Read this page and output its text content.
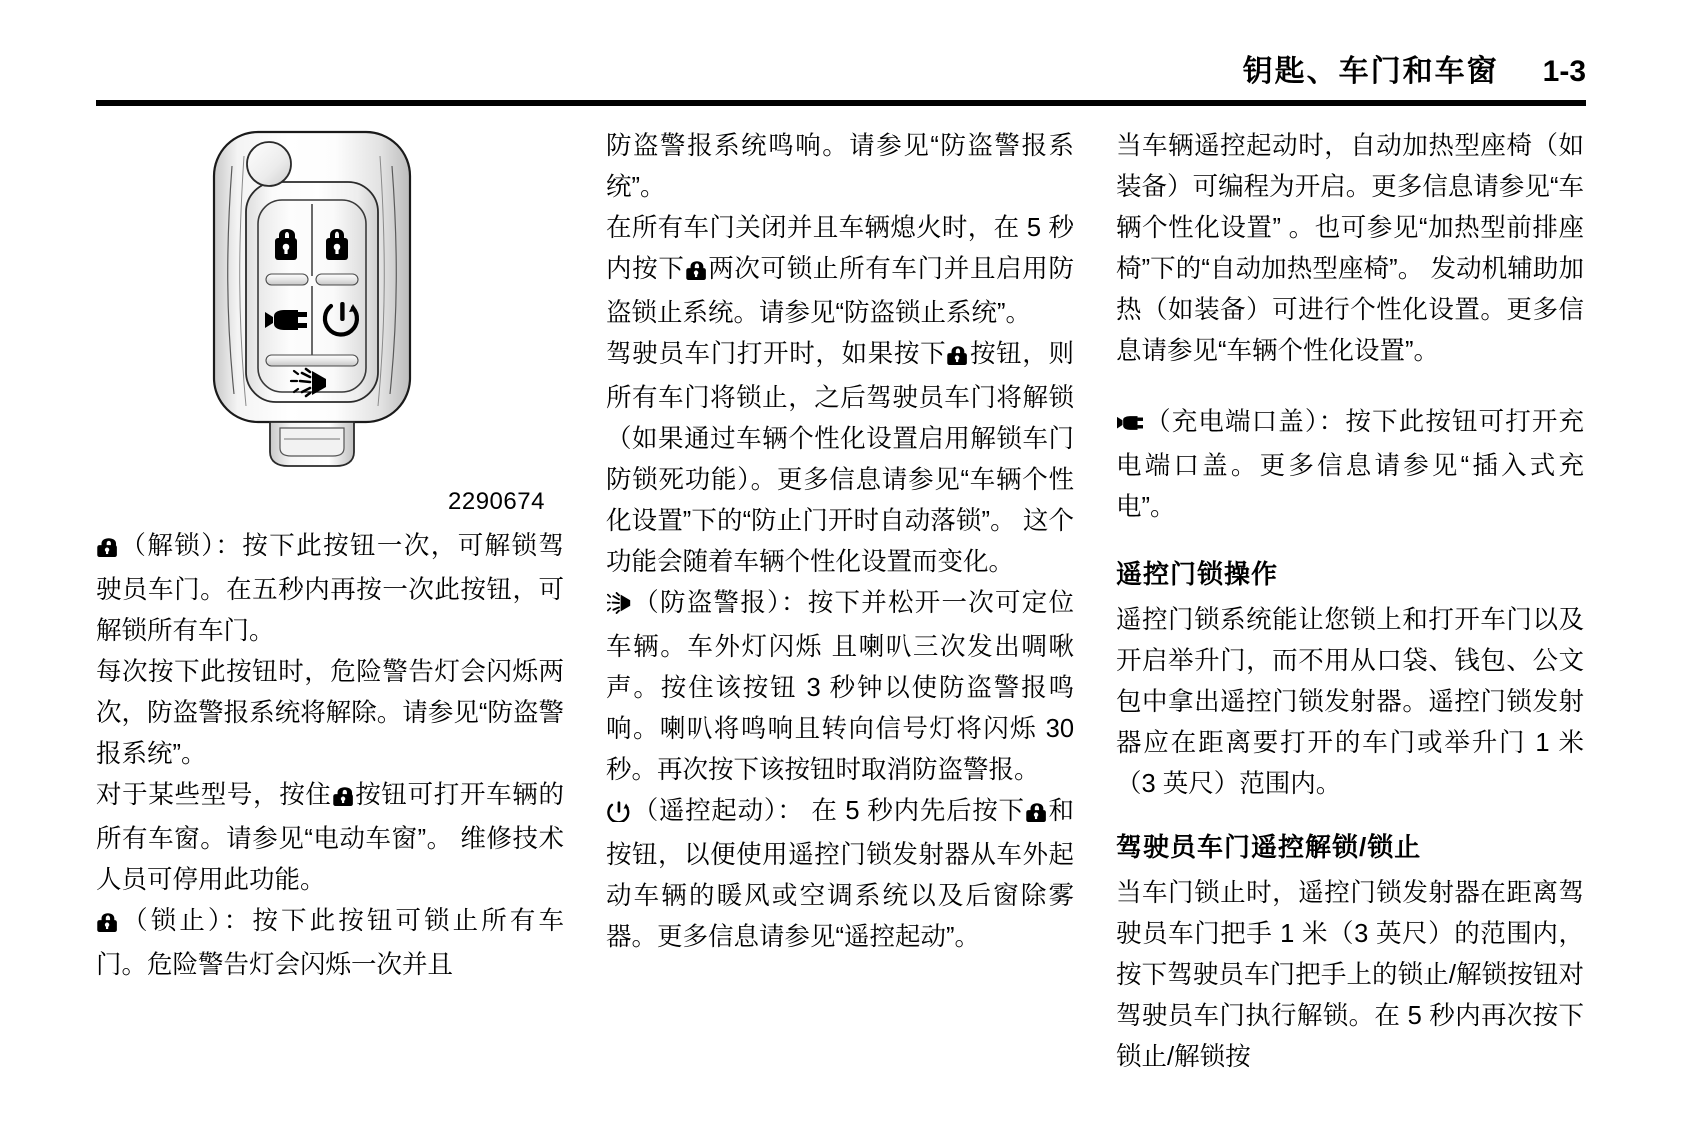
钥匙、车门和车窗 1-3
2290674

（解锁）：按下此按钮一次，可解锁驾驶员车门。在五秒内再按一次此按钮，可解锁所有车门。

每次按下此按钮时，危险警告灯会闪烁两次，防盗警报系统将解除。请参见“防盗警报系统”。

对于某些型号，按住 按钮可打开车辆的所有车窗。请参见“电动车窗”。 维修技术人员可停用此功能。

（锁止）：按下此按钮可锁止所有车门。危险警告灯会闪烁一次并且

防盗警报系统鸣响。请参见“防盗警报系统”。

在所有车门关闭并且车辆熄火时，在 5 秒内按下 两次可锁止所有车门并且启用防盗锁止系统。请参见“防盗锁止系统”。

驾驶员车门打开时，如果按下 按钮，则所有车门将锁止，之后驾驶员车门将解锁（如果通过车辆个性化设置启用解锁车门防锁死功能）。更多信息请参见“车辆个性化设置”下的“防止门开时自动落锁”。 这个功能会随着车辆个性化设置而变化。

（防盗警报）：按下并松开一次可定位车辆。车外灯闪烁 且喇叭三次发出啁啾声。按住该按钮 3 秒钟以使防盗警报鸣响。喇叭将鸣响且转向信号灯将闪烁 30 秒。再次按下该按钮时取消防盗警报。

（遥控起动）： 在 5 秒内先后按下 和按钮，以便使用遥控门锁发射器从车外起动车辆的暖风或空调系统以及后窗除雾器。更多信息请参见“遥控起动”。

当车辆遥控起动时，自动加热型座椅（如装备）可编程为开启。更多信息请参见“车辆个性化设置” 。也可参见“加热型前排座椅”下的“自动加热型座椅”。 发动机辅助加热（如装备）可进行个性化设置。更多信息请参见“车辆个性化设置”。

（充电端口盖）：按下此按钮可打开充电端口盖。更多信息请参见“插入式充电”。

遥控门锁操作

遥控门锁系统能让您锁上和打开车门以及开启举升门，而不用从口袋、钱包、公文包中拿出遥控门锁发射器。遥控门锁发射器应在距离要打开的车门或举升门 1 米（3 英尺）范围内。

驾驶员车门遥控解锁/锁止

当车门锁止时，遥控门锁发射器在距离驾驶员车门把手 1 米（3 英尺）的范围内，按下驾驶员车门把手上的锁止/解锁按钮对驾驶员车门执行解锁。在 5 秒内再次按下锁止/解锁按
